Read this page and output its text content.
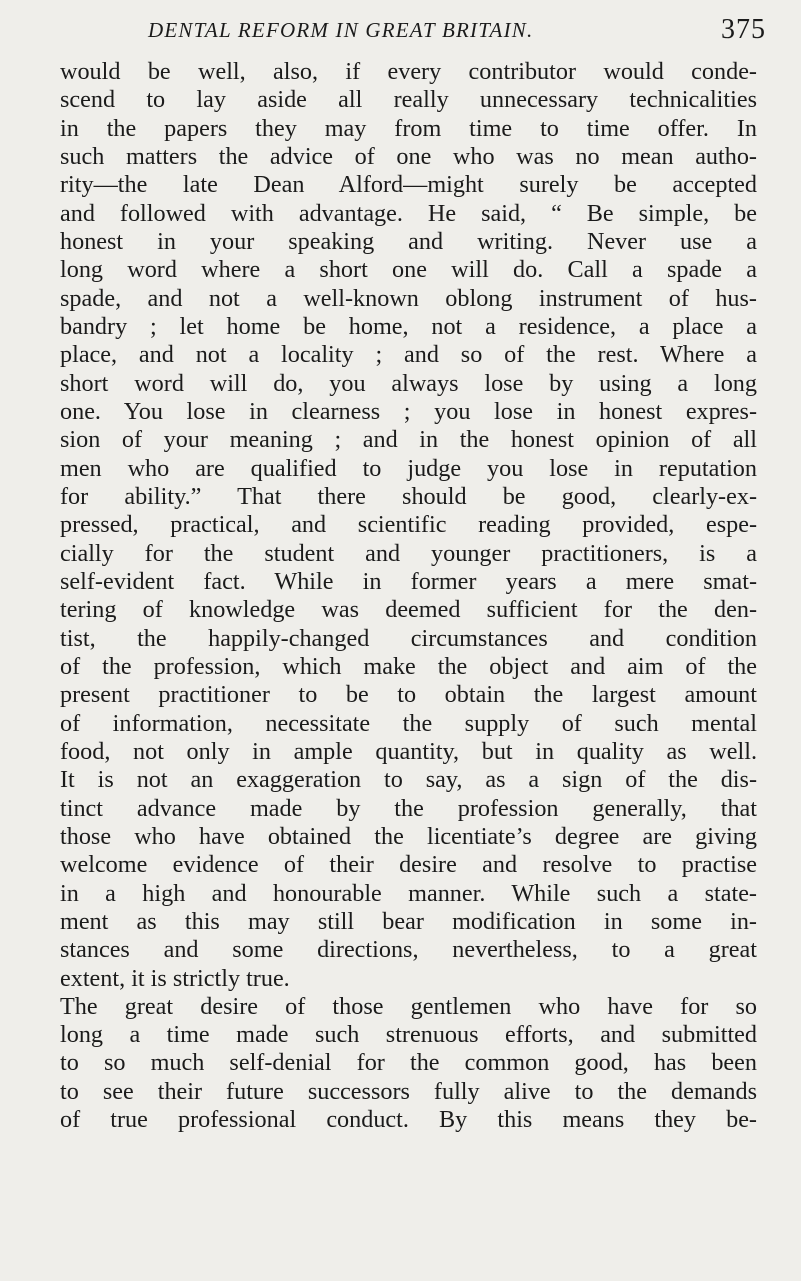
DENTAL REFORM IN GREAT BRITAIN.	375
would be well, also, if every contributor would conde-
scend to lay aside all really unnecessary technicalities
in the papers they may from time to time offer. In
such matters the advice of one who was no mean autho-
rity—the late Dean Alford—might surely be accepted
and followed with advantage. He said, “ Be simple, be
honest in your speaking and writing. Never use a
long word where a short one will do. Call a spade a
spade, and not a well-known oblong instrument of hus-
bandry ; let home be home, not a residence, a place a
place, and not a locality ; and so of the rest. Where a
short word will do, you always lose by using a long
one. You lose in clearness ; you lose in honest expres-
sion of your meaning ; and in the honest opinion of all
men who are qualified to judge you lose in reputation
for ability.” That there should be good, clearly-ex-
pressed, practical, and scientific reading provided, espe-
cially for the student and younger practitioners, is a
self-evident fact. While in former years a mere smat-
tering of knowledge was deemed sufficient for the den-
tist, the happily-changed circumstances and condition
of the profession, which make the object and aim of the
present practitioner to be to obtain the largest amount
of information, necessitate the supply of such mental
food, not only in ample quantity, but in quality as well.
It is not an exaggeration to say, as a sign of the dis-
tinct advance made by the profession generally, that
those who have obtained the licentiate’s degree are giving
welcome evidence of their desire and resolve to practise
in a high and honourable manner. While such a state-
ment as this may still bear modification in some in-
stances and some directions, nevertheless, to a great
extent, it is strictly true.
The great desire of those gentlemen who have for so
long a time made such strenuous efforts, and submitted
to so much self-denial for the common good, has been
to see their future successors fully alive to the demands
of true professional conduct. By this means they be-
